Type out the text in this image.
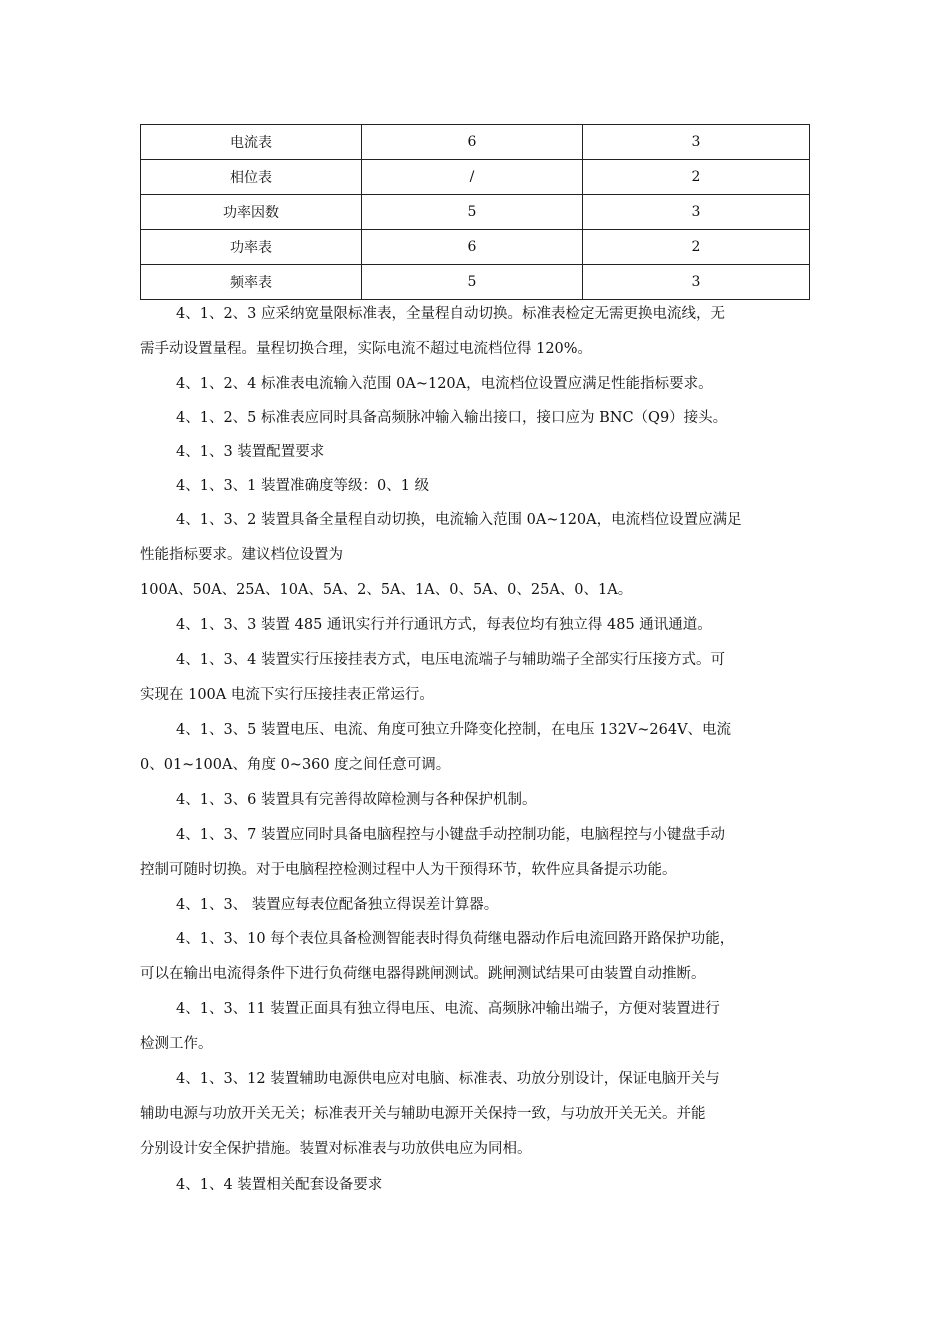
电流表	6	3
相位表	/	2
功率因数	5	3
功率表	6	2
频率表	5	3
4、1、2、3 应采纳宽量限标准表，全量程自动切换。标准表检定无需更换电流线，无
需手动设置量程。量程切换合理，实际电流不超过电流档位得 120%。
4、1、2、4 标准表电流输入范围 0A~120A，电流档位设置应满足性能指标要求。
4、1、2、5 标准表应同时具备高频脉冲输入输出接口，接口应为 BNC（Q9）接头。
4、1、3 装置配置要求
4、1、3、1 装置准确度等级：0、1 级
4、1、3、2 装置具备全量程自动切换，电流输入范围 0A~120A，电流档位设置应满足
性能指标要求。建议档位设置为
100A、50A、25A、10A、5A、2、5A、1A、0、5A、0、25A、0、1A。
4、1、3、3 装置 485 通讯实行并行通讯方式，每表位均有独立得 485 通讯通道。
4、1、3、4 装置实行压接挂表方式，电压电流端子与辅助端子全部实行压接方式。可
实现在 100A 电流下实行压接挂表正常运行。
4、1、3、5 装置电压、电流、角度可独立升降变化控制，在电压 132V~264V、电流
0、01~100A、角度 0~360 度之间任意可调。
4、1、3、6 装置具有完善得故障检测与各种保护机制。
4、1、3、7 装置应同时具备电脑程控与小键盘手动控制功能，电脑程控与小键盘手动
控制可随时切换。对于电脑程控检测过程中人为干预得环节，软件应具备提示功能。
4、1、3、 装置应每表位配备独立得误差计算器。
4、1、3、10 每个表位具备检测智能表时得负荷继电器动作后电流回路开路保护功能，
可以在输出电流得条件下进行负荷继电器得跳闸测试。跳闸测试结果可由装置自动推断。
4、1、3、11 装置正面具有独立得电压、电流、高频脉冲输出端子，方便对装置进行
检测工作。
4、1、3、12 装置辅助电源供电应对电脑、标准表、功放分别设计，保证电脑开关与
辅助电源与功放开关无关；标准表开关与辅助电源开关保持一致，与功放开关无关。并能
分别设计安全保护措施。装置对标准表与功放供电应为同相。
4、1、4 装置相关配套设备要求
